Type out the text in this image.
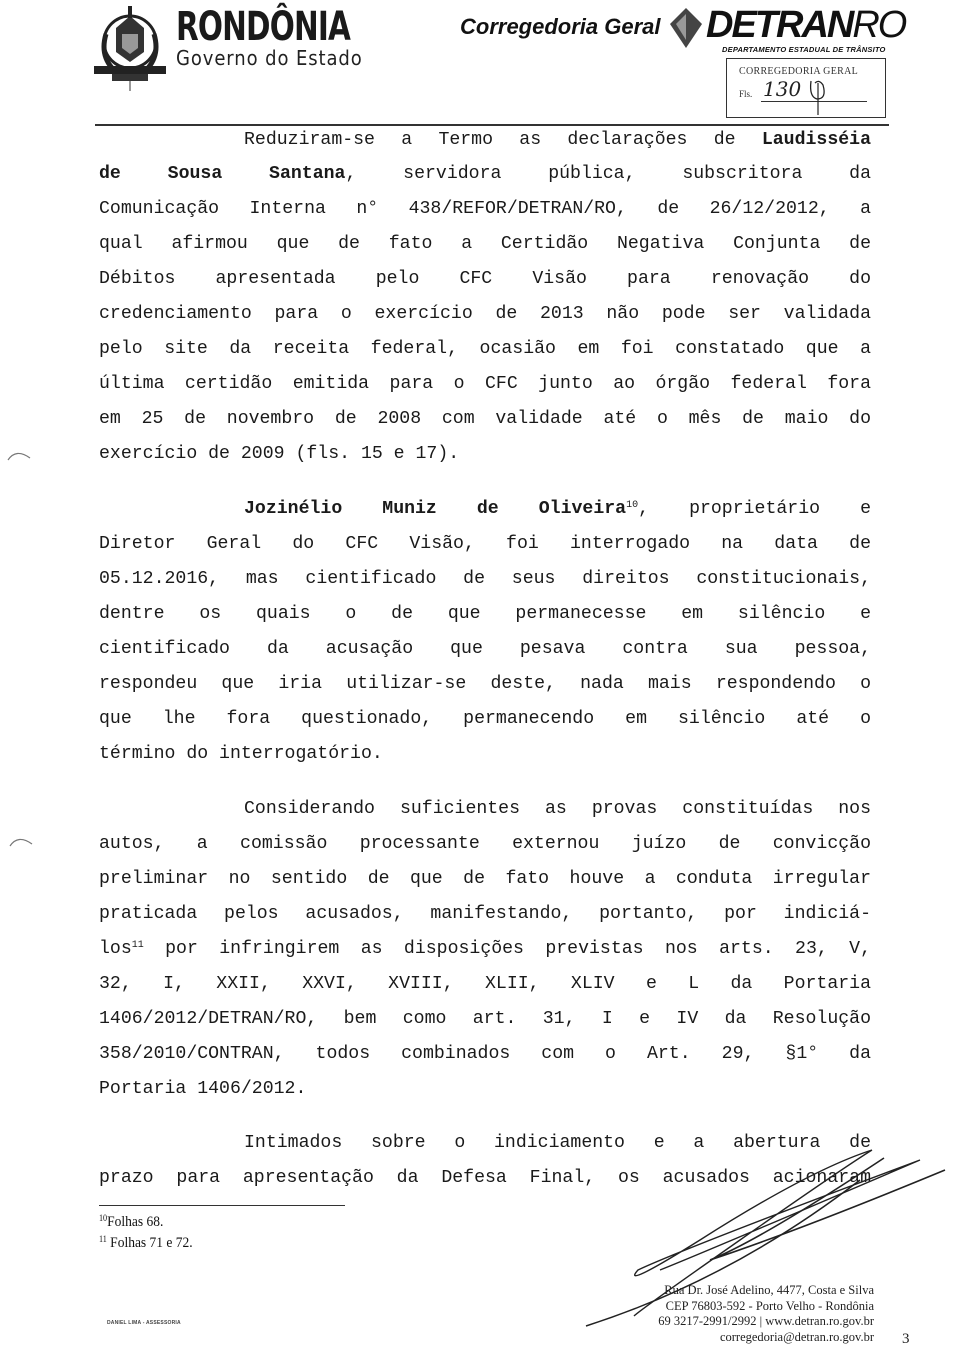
RONDÔNIA
Governo do Estado
Corregedoria Geral DETRANRO
DEPARTAMENTO ESTADUAL DE TRÂNSITO
CORREGEDORIA GERAL
Fls. 130
Reduziram-se a Termo as declarações de Laudisséia
de	Sousa	Santana, servidora pública, subscritora da
Comunicação Interna n° 438/REFOR/DETRAN/RO, de 26/12/2012, a
qual afirmou que de fato a Certidão Negativa Conjunta de
Débitos apresentada pelo CFC Visão para renovação do
credenciamento para o exercício de 2013 não pode ser validada
pelo site da receita federal, ocasião em foi constatado que a
última certidão emitida para o CFC junto ao órgão federal fora
em 25 de novembro de 2008 com validade até o mês de maio do
exercício de 2009 (fls. 15 e 17).
Jozinélio Muniz de Oliveira$^{10}$, proprietário e
Diretor Geral do CFC Visão, foi interrogado na data de
05.12.2016, mas cientificado de seus direitos constitucionais,
dentre os quais o de que permanecesse em silêncio e
cientificado da acusação que pesava contra sua pessoa,
respondeu que iria utilizar-se deste, nada mais respondendo o
que lhe fora questionado, permanecendo em silêncio até o
término do interrogatório.
Considerando suficientes as provas constituídas nos
autos, a comissão processante externou juízo de convicção
preliminar no sentido de que de fato houve a conduta irregular
praticada pelos acusados, manifestando, portanto, por indiciá-
los$^{11}$ por infringirem as disposições previstas nos arts. 23, V,
32, I, XXII, XXVI, XVIII, XLII, XLIV e L da Portaria
1406/2012/DETRAN/RO, bem como art. 31, I e IV da Resolução
358/2010/CONTRAN, todos combinados com o Art. 29, §1° da
Portaria 1406/2012.
Intimados sobre o indiciamento e a abertura de
prazo para apresentação da Defesa Final, os acusados acionaram
$^{10}$Folhas 68.
$^{11}$ Folhas 71 e 72.
DANIEL LIMA - ASSESSORIA
Rua Dr. José Adelino, 4477, Costa e Silva
CEP 76803-592 - Porto Velho - Rondônia
69 3217-2991/2992 | www.detran.ro.gov.br
corregedoria@detran.ro.gov.br 3
